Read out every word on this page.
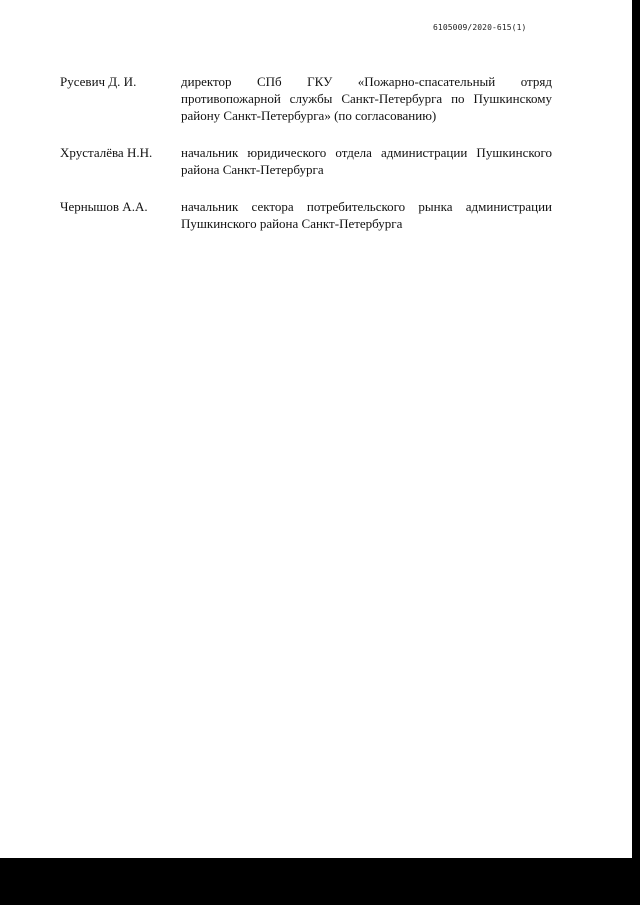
6105009/2020-615(1)
Русевич Д. И.	директор СПб ГКУ «Пожарно-спасательный отряд противопожарной службы Санкт-Петербурга по Пушкинскому району Санкт-Петербурга» (по согласованию)
Хрусталёва Н.Н. начальник юридического отдела администрации Пушкинского района Санкт-Петербурга
Чернышов А.А.	начальник сектора потребительского рынка администрации Пушкинского района Санкт-Петербурга
